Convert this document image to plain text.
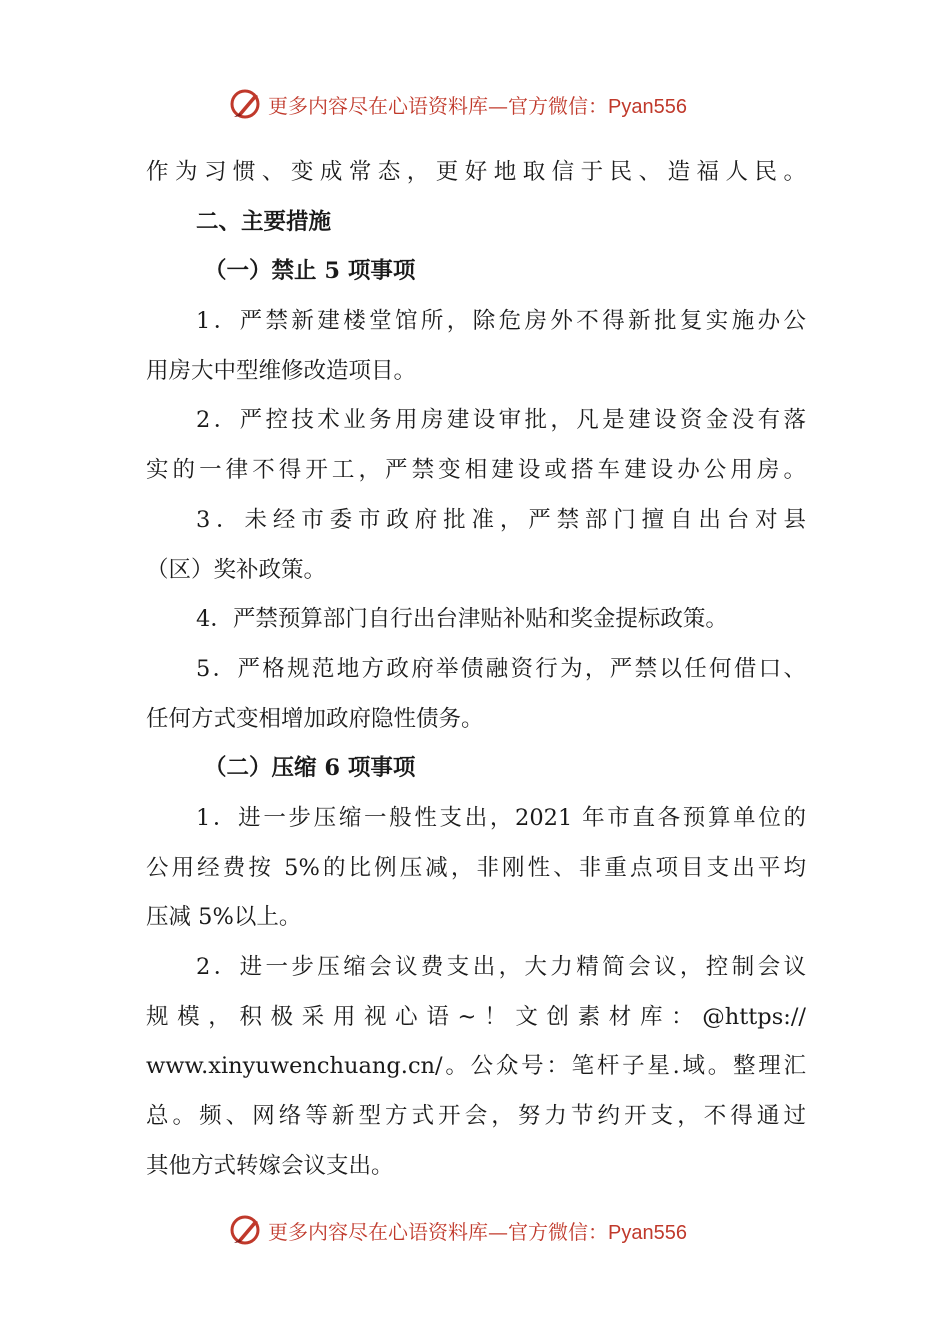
更多内容尽在心语资料库—官方微信：Pyan556
作为习惯、变成常态，更好地取信于民、造福人民。
二、主要措施
（一）禁止 5 项事项
1．严禁新建楼堂馆所，除危房外不得新批复实施办公
用房大中型维修改造项目。
2．严控技术业务用房建设审批，凡是建设资金没有落
实的一律不得开工，严禁变相建设或搭车建设办公用房。
3．未经市委市政府批准，严禁部门擅自出台对县
（区）奖补政策。
4．严禁预算部门自行出台津贴补贴和奖金提标政策。
5．严格规范地方政府举债融资行为，严禁以任何借口、
任何方式变相增加政府隐性债务。
（二）压缩 6 项事项
1．进一步压缩一般性支出，2021 年市直各预算单位的
公用经费按 5%的比例压减，非刚性、非重点项目支出平均
压减 5%以上。
2．进一步压缩会议费支出，大力精简会议，控制会议
规 模 ， 积 极 采 用 视 心 语 ~ ！ 文 创 素 材 库 ： @https://
www.xinyuwenchuang.cn/。公众号：笔杆子星.域。整理汇
总。频、网络等新型方式开会，努力节约开支，不得通过
其他方式转嫁会议支出。
更多内容尽在心语资料库—官方微信：Pyan556
